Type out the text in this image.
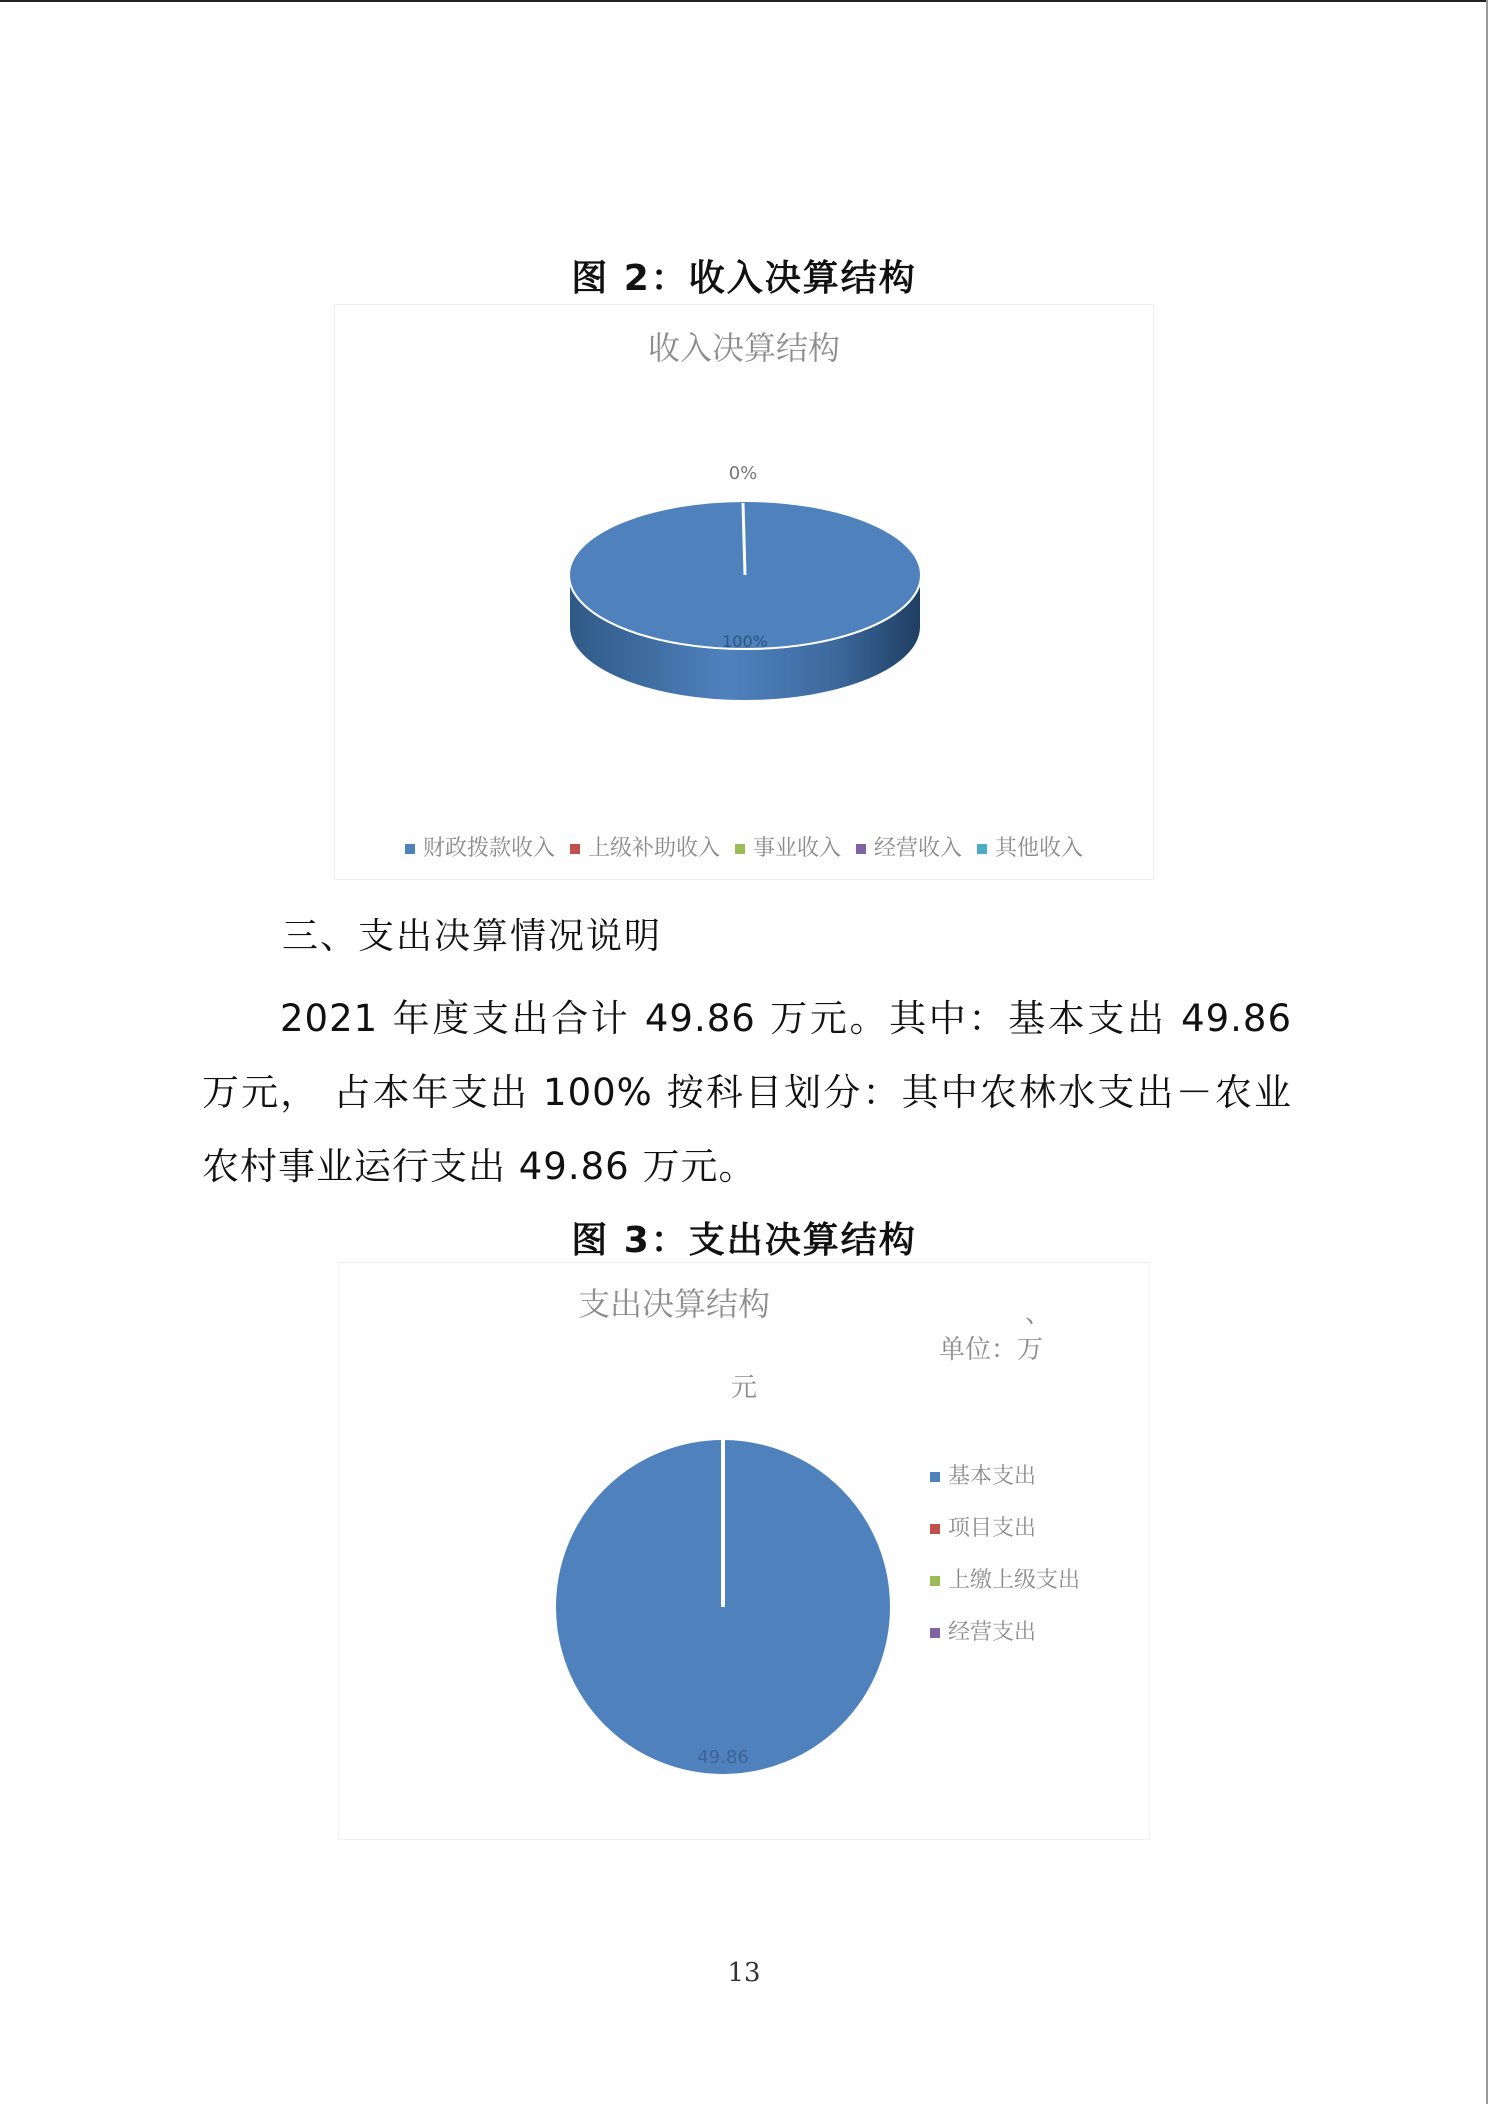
图 2：收入决算结构
收入决算结构
0%
100%
财政拨款收入 上级补助收入 事业收入 经营收入 其他收入
三、支出决算情况说明
2021 年度支出合计 49.86 万元。其中：基本支出 49.86 万元， 占本年支出 100% 按科目划分：其中农林水支出－农业农村事业运行支出 49.86 万元。
图 3：支出决算结构
支出决算结构	、
单位：万
元
49.86
基本支出
项目支出
上缴上级支出
经营支出
13
